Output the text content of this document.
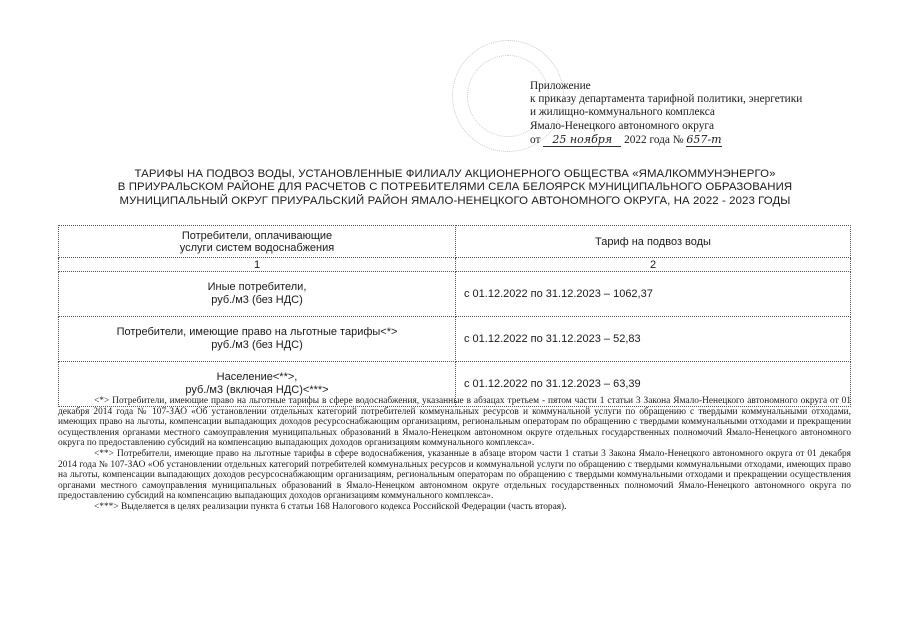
Приложение
к приказу департамента тарифной политики, энергетики
и жилищно-коммунального комплекса
Ямало-Ненецкого автономного округа
от 25 ноября 2022 года № 657-т
ТАРИФЫ НА ПОДВОЗ ВОДЫ, УСТАНОВЛЕННЫЕ ФИЛИАЛУ АКЦИОНЕРНОГО ОБЩЕСТВА «ЯМАЛКОММУНЭНЕРГО»
В ПРИУРАЛЬСКОМ РАЙОНЕ ДЛЯ РАСЧЕТОВ С ПОТРЕБИТЕЛЯМИ СЕЛА БЕЛОЯРСК МУНИЦИПАЛЬНОГО ОБРАЗОВАНИЯ
МУНИЦИПАЛЬНЫЙ ОКРУГ ПРИУРАЛЬСКИЙ РАЙОН ЯМАЛО-НЕНЕЦКОГО АВТОНОМНОГО ОКРУГА, НА 2022 - 2023 ГОДЫ
Потребители, оплачивающие
услуги систем водоснабжения	Тариф на подвоз воды
1	2

Иные потребители,
руб./м3 (без НДС)	с 01.12.2022 по 31.12.2023 – 1062,37

Потребители, имеющие право на льготные тарифы<*>
руб./м3 (без НДС)	с 01.12.2022 по 31.12.2023 – 52,83

Население<**>,
руб./м3 (включая НДС)<***>	с 01.12.2022 по 31.12.2023 – 63,39

<*> Потребители, имеющие право на льготные тарифы в сфере водоснабжения, указанные в абзацах третьем - пятом части 1 статьи 3 Закона Ямало-Ненецкого автономного округа от 01 декабря 2014 года № 107-ЗАО «Об установлении отдельных категорий потребителей коммунальных ресурсов и коммунальной услуги по обращению с твердыми коммунальными отходами, имеющих право на льготы, компенсации выпадающих доходов ресурсоснабжающим организациям, региональным операторам по обращению с твердыми коммунальными отходами и прекращении осуществления органами местного самоуправления муниципальных образований в Ямало-Ненецком автономном округе отдельных государственных полномочий Ямало-Ненецкого автономного округа по предоставлению субсидий на компенсацию выпадающих доходов организациям коммунального комплекса».

<**> Потребители, имеющие право на льготные тарифы в сфере водоснабжения, указанные в абзаце втором части 1 статьи 3 Закона Ямало-Ненецкого автономного округа от 01 декабря 2014 года № 107-ЗАО «Об установлении отдельных категорий потребителей коммунальных ресурсов и коммунальной услуги по обращению с твердыми коммунальными отходами, имеющих право на льготы, компенсации выпадающих доходов ресурсоснабжающим организациям, региональным операторам по обращению с твердыми коммунальными отходами и прекращении осуществления органами местного самоуправления муниципальных образований в Ямало-Ненецком автономном округе отдельных государственных полномочий Ямало-Ненецкого автономного округа по предоставлению субсидий на компенсацию выпадающих доходов организациям коммунального комплекса».

<***> Выделяется в целях реализации пункта 6 статьи 168 Налогового кодекса Российской Федерации (часть вторая).
